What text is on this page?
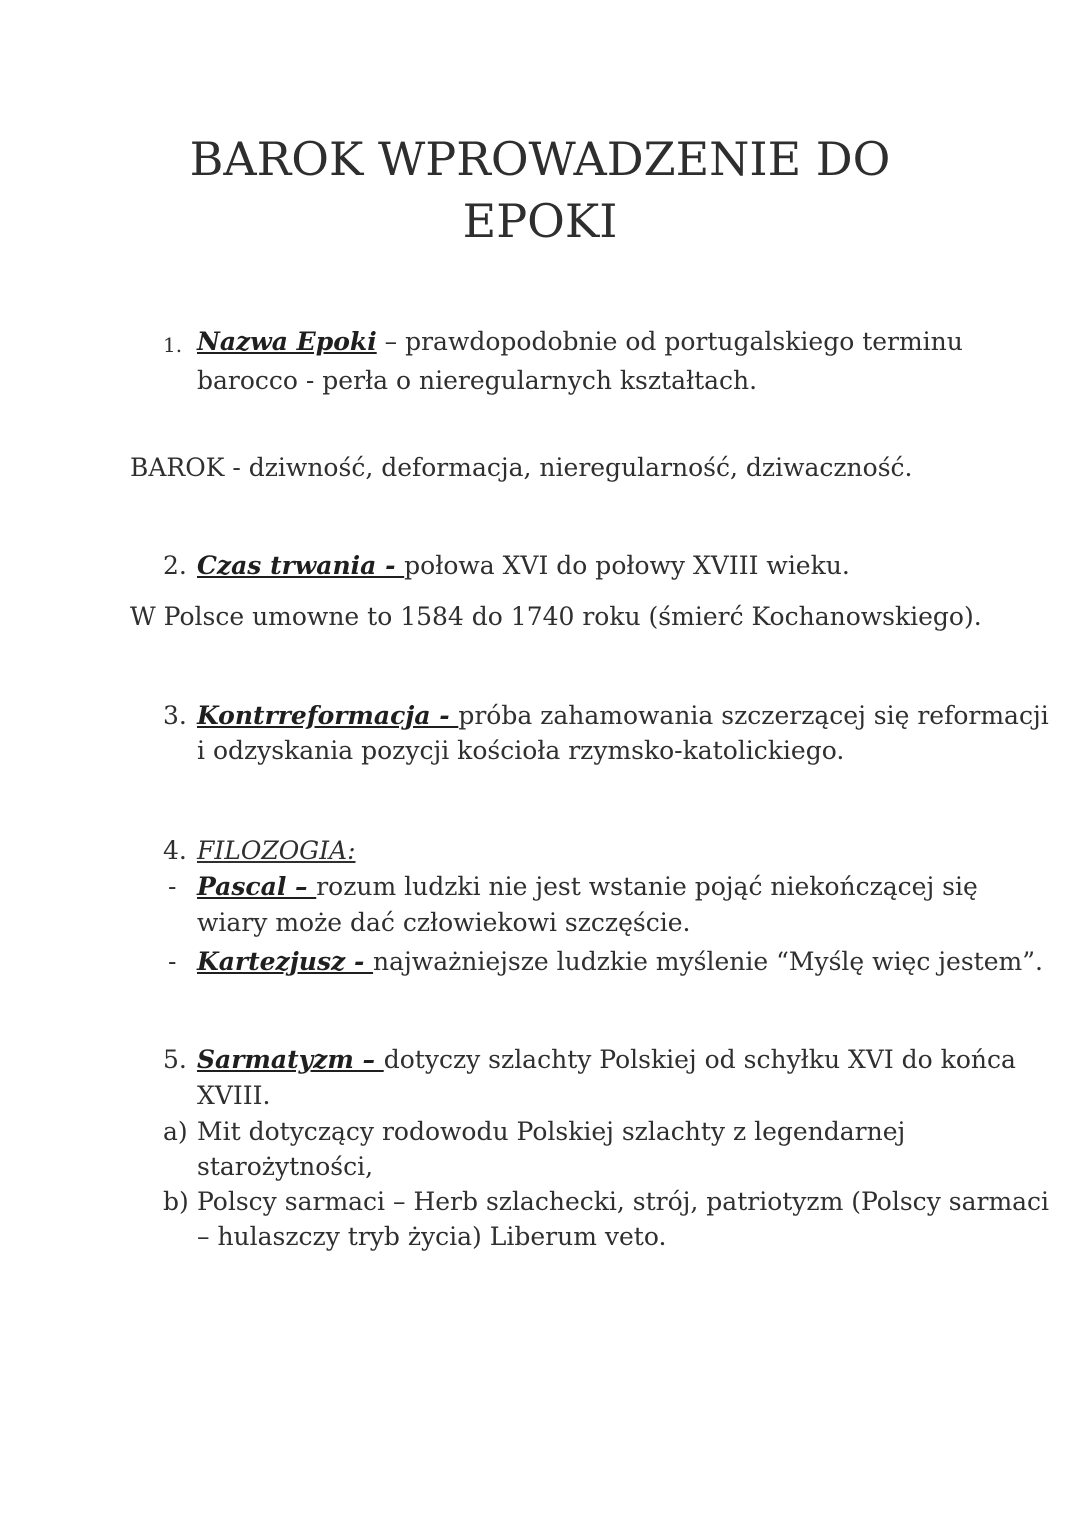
BAROK WPROWADZENIE DO
EPOKI
1. Nazwa Epoki – prawdopodobnie od portugalskiego terminu
barocco - perła o nieregularnych kształtach.
BAROK - dziwność, deformacja, nieregularność, dziwaczność.
2. Czas trwania - połowa XVI do połowy XVIII wieku.
W Polsce umowne to 1584 do 1740 roku (śmierć Kochanowskiego).
3. Kontrreformacja - próba zahamowania szczerzącej się reformacji
i odzyskania pozycji kościoła rzymsko-katolickiego.
4. FILOZOGIA:
- Pascal – rozum ludzki nie jest wstanie pojąć niekończącej się
wiary może dać człowiekowi szczęście.
- Kartezjusz - najważniejsze ludzkie myślenie “Myślę więc jestem”.
5. Sarmatyzm – dotyczy szlachty Polskiej od schyłku XVI do końca
XVIII.
a) Mit dotyczący rodowodu Polskiej szlachty z legendarnej
starożytności,
b) Polscy sarmaci – Herb szlachecki, strój, patriotyzm (Polscy sarmaci
– hulaszczy tryb życia) Liberum veto.
